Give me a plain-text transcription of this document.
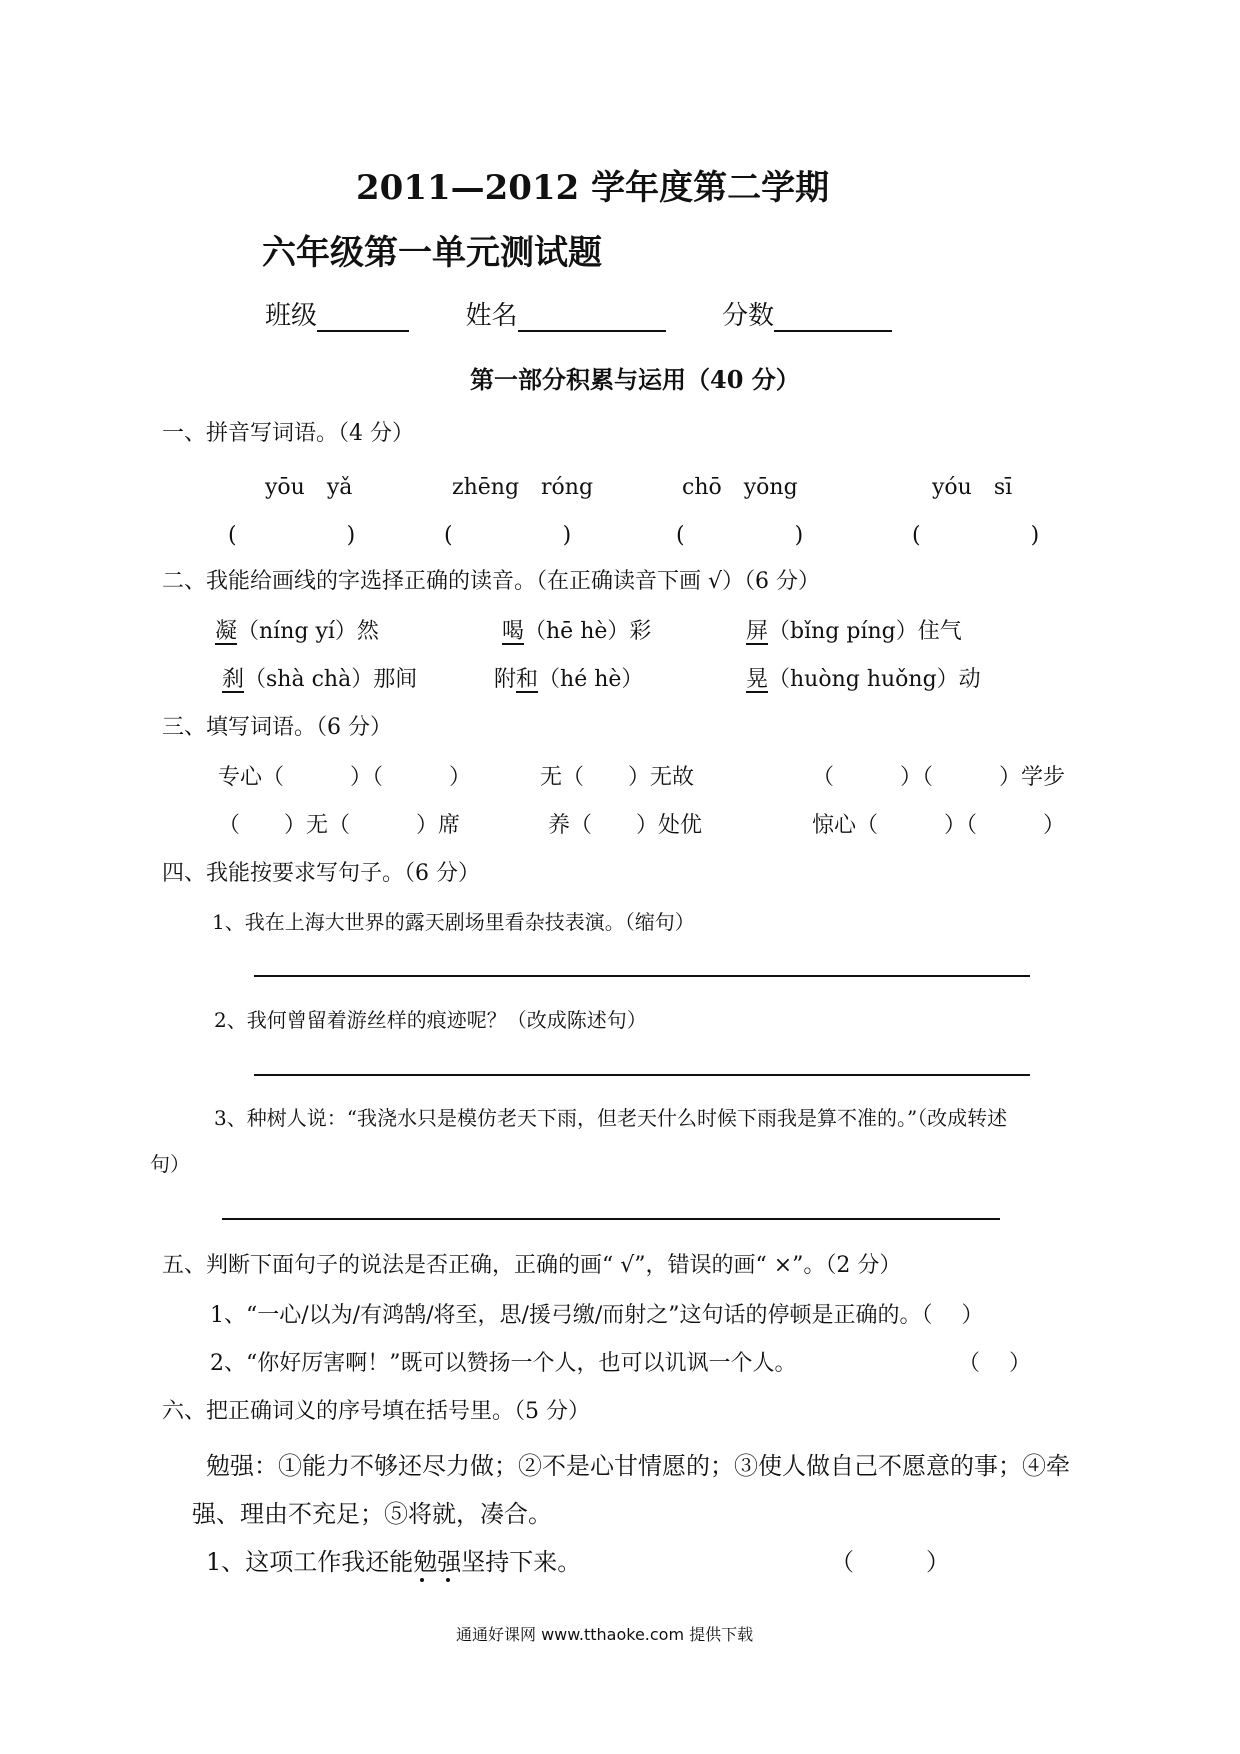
2011—2012 学年度第二学期
六年级第一单元测试题
班级	姓名	分数
第一部分积累与运用（40 分）
一、拼音写词语。（4 分）
yōu　yǎ	zhēng　róng	chō　yōng	yóu　sī
(　　　　　)	(　　　　　)	(　　　　　)	(　　　　　)
二、我能给画线的字选择正确的读音。（在正确读音下画 √）（6 分）
凝（níng yí）然	喝（hē hè）彩	屏（bǐng píng）住气
刹（shà chà）那间	附和（hé hè）	晃（huòng huǒng）动
三、填写词语。（6 分）
专心（　　　）（　　　）	无（　　）无故	（　　　）（　　　）学步
（　　）无（　　　）席	养（　　）处优	惊心（　　　）（　　　）
四、我能按要求写句子。（6 分）
1、我在上海大世界的露天剧场里看杂技表演。（缩句）
2、我何曾留着游丝样的痕迹呢？（改成陈述句）
3、种树人说：“我浇水只是模仿老天下雨，但老天什么时候下雨我是算不准的。”（改成转述
句）
五、判断下面句子的说法是否正确，正确的画“ √”，错误的画“ ×”。（2 分）
1、“一心/以为/有鸿鹄/将至，思/援弓缴/而射之”这句话的停顿是正确的。（　 ）
2、“你好厉害啊！”既可以赞扬一个人，也可以讥讽一个人。	（　 ）
六、把正确词义的序号填在括号里。（5 分）
勉强：①能力不够还尽力做；②不是心甘情愿的；③使人做自己不愿意的事；④牵
强、理由不充足；⑤将就，凑合。
1、这项工作我还能勉强坚持下来。	（　　　）
通通好课网 www.tthaoke.com 提供下载
